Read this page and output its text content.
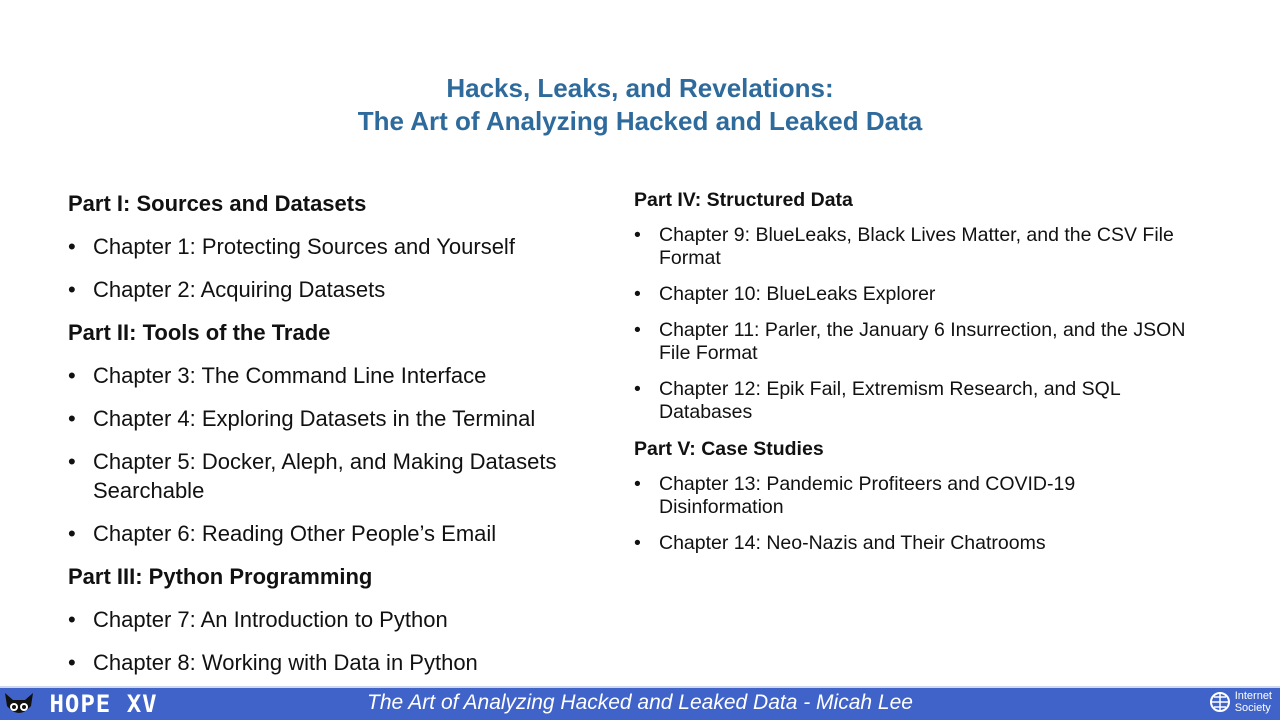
Hacks, Leaks, and Revelations:
The Art of Analyzing Hacked and Leaked Data
Part I: Sources and Datasets
• Chapter 1: Protecting Sources and Yourself
• Chapter 2: Acquiring Datasets
Part II: Tools of the Trade
• Chapter 3: The Command Line Interface
• Chapter 4: Exploring Datasets in the Terminal
• Chapter 5: Docker, Aleph, and Making Datasets Searchable
• Chapter 6: Reading Other People’s Email
Part III: Python Programming
• Chapter 7: An Introduction to Python
• Chapter 8: Working with Data in Python
Part IV: Structured Data
• Chapter 9: BlueLeaks, Black Lives Matter, and the CSV File Format
• Chapter 10: BlueLeaks Explorer
• Chapter 11: Parler, the January 6 Insurrection, and the JSON File Format
• Chapter 12: Epik Fail, Extremism Research, and SQL Databases
Part V: Case Studies
• Chapter 13: Pandemic Profiteers and COVID-19 Disinformation
• Chapter 14: Neo-Nazis and Their Chatrooms
HOPE XV	The Art of Analyzing Hacked and Leaked Data - Micah Lee	Internet
Society
